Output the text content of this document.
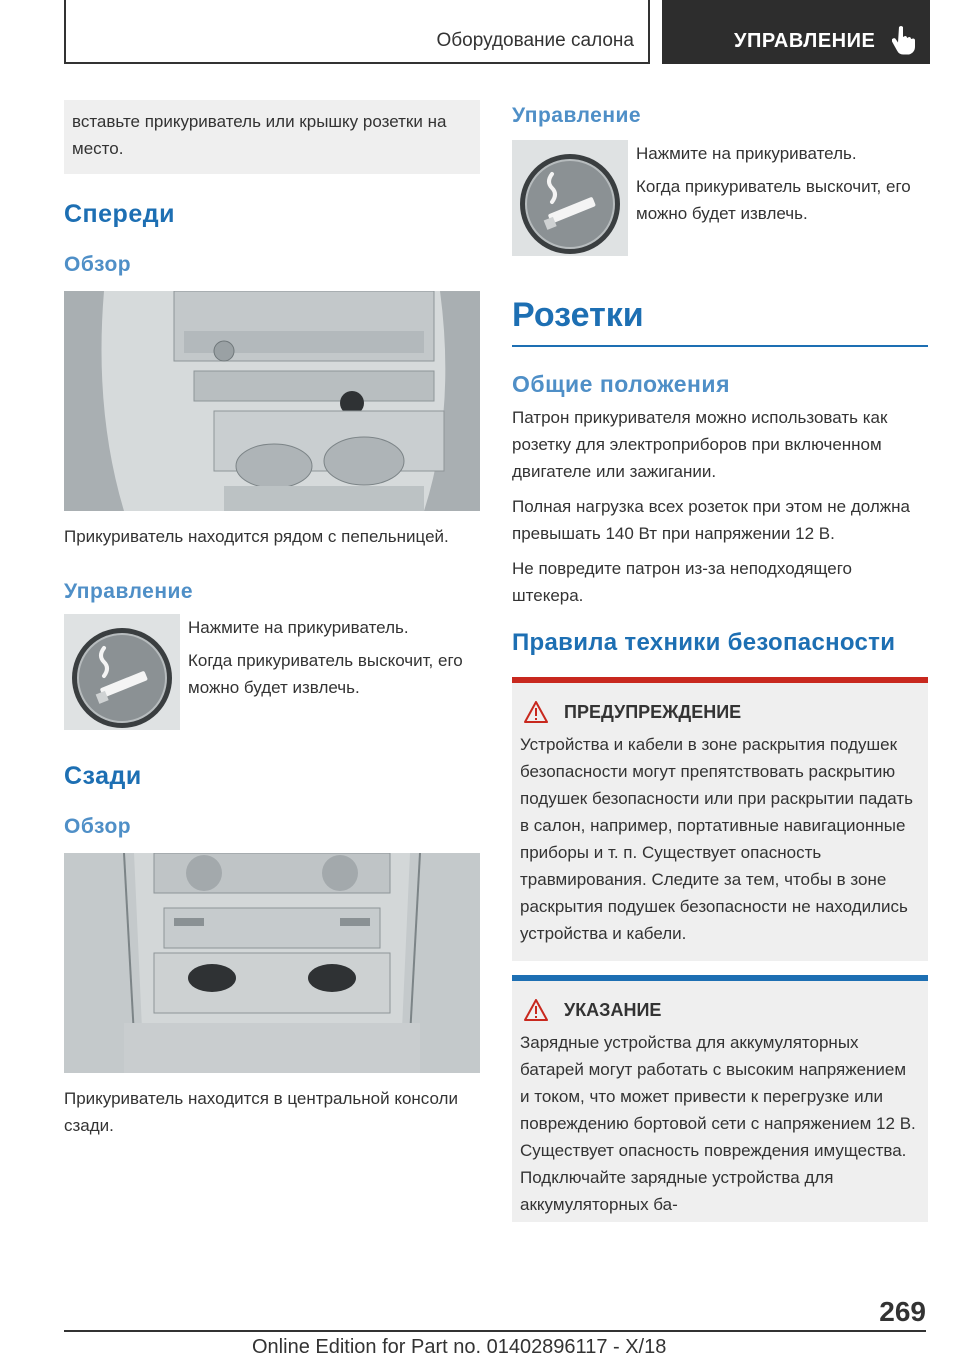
Оборудование салона	УПРАВЛЕНИЕ
вставьте прикуриватель или крышку розетки на место.
Спереди
Обзор

Прикуриватель находится рядом с пепельницей.

Управление

Нажмите на прикуриватель.

Когда прикуриватель выскочит, его можно будет извлечь.

Сзади
Обзор

Прикуриватель находится в центральной консоли сзади.

Управление

Нажмите на прикуриватель.

Когда прикуриватель выскочит, его можно будет извлечь.

Розетки
Общие положения

Патрон прикуривателя можно использовать как розетку для электроприборов при включенном двигателе или зажигании.

Полная нагрузка всех розеток при этом не должна превышать 140 Вт при напряжении 12 В.

Не повредите патрон из-за неподходящего штекера.

Правила техники безопасности
ПРЕДУПРЕЖДЕНИЕ
Устройства и кабели в зоне раскрытия подушек безопасности могут препятствовать раскрытию подушек безопасности или при раскрытии падать в салон, например, портативные навигационные приборы и т. п. Существует опасность травмирования. Следите за тем, чтобы в зоне раскрытия подушек безопасности не находились устройства и кабели.
УКАЗАНИЕ
Зарядные устройства для аккумуляторных батарей могут работать с высоким напряжением и током, что может привести к перегрузке или повреждению бортовой сети с напряжением 12 В. Существует опасность повреждения имущества. Подключайте зарядные устройства для аккумуляторных ба-
269
Online Edition for Part no. 01402896117 - X/18
